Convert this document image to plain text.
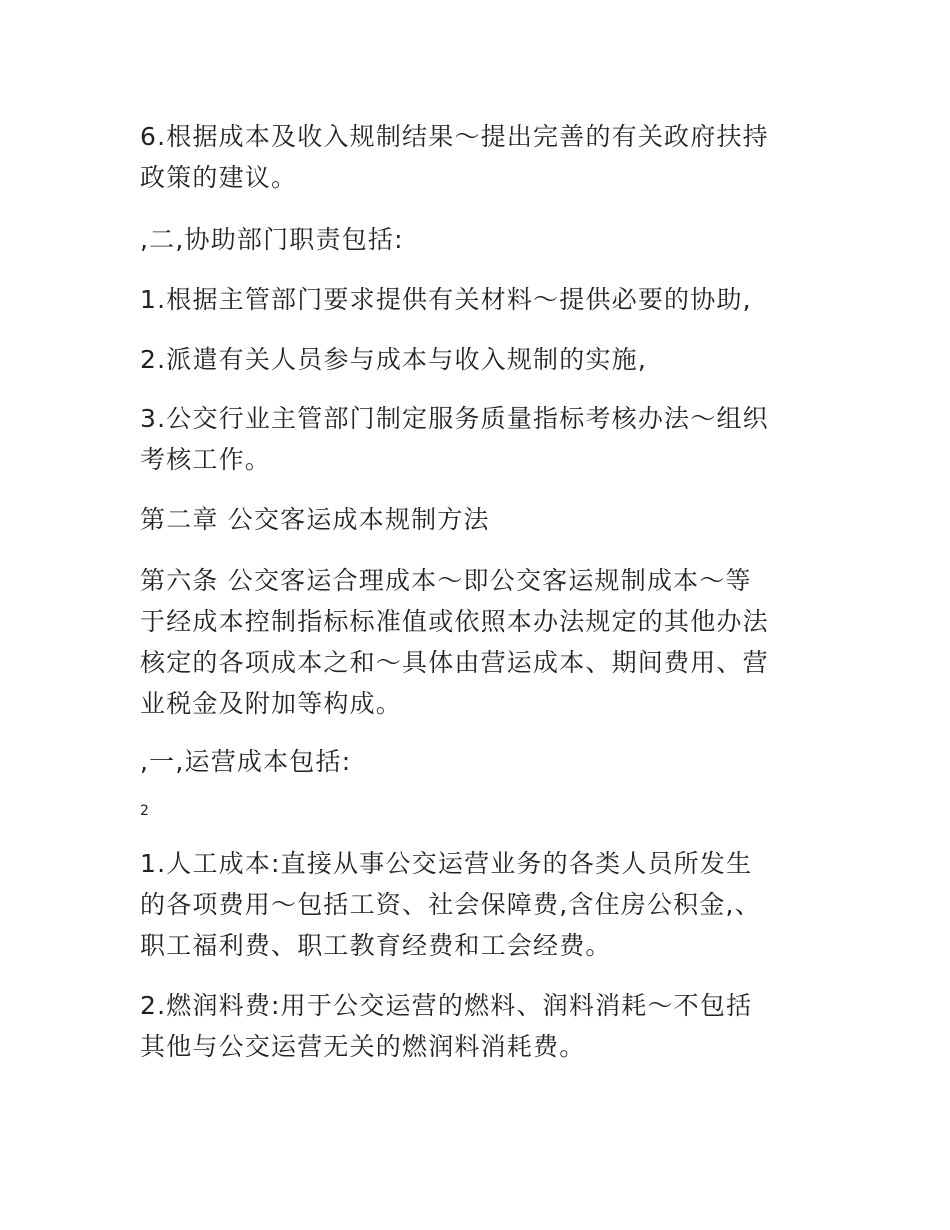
6.根据成本及收入规制结果～提出完善的有关政府扶持
政策的建议。

,二,协助部门职责包括:

1.根据主管部门要求提供有关材料～提供必要的协助,

2.派遣有关人员参与成本与收入规制的实施,

3.公交行业主管部门制定服务质量指标考核办法～组织
考核工作。

第二章 公交客运成本规制方法

第六条 公交客运合理成本～即公交客运规制成本～等
于经成本控制指标标准值或依照本办法规定的其他办法
核定的各项成本之和～具体由营运成本、期间费用、营
业税金及附加等构成。

,一,运营成本包括:

2

1.人工成本:直接从事公交运营业务的各类人员所发生
的各项费用～包括工资、社会保障费,含住房公积金,、
职工福利费、职工教育经费和工会经费。

2.燃润料费:用于公交运营的燃料、润料消耗～不包括
其他与公交运营无关的燃润料消耗费。
